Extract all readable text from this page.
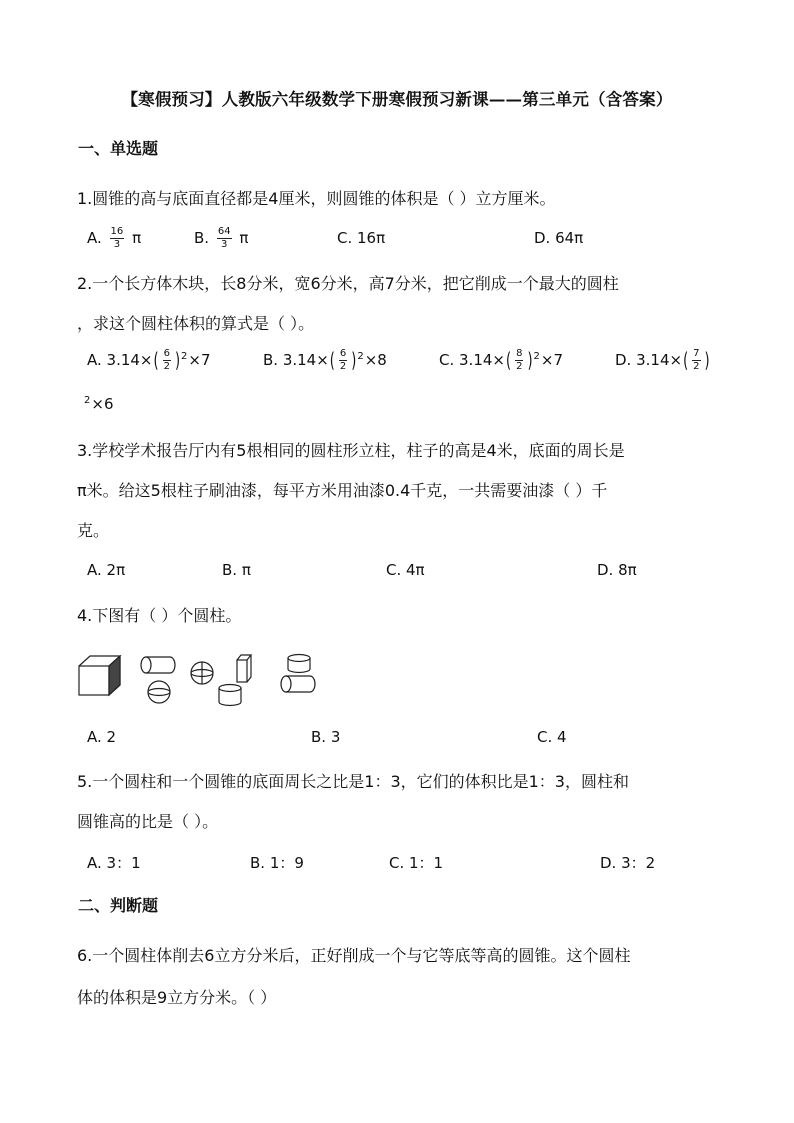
【寒假预习】人教版六年级数学下册寒假预习新课——第三单元（含答案）
一、单选题
1.圆锥的高与底面直径都是4厘米，则圆锥的体积是（ ）立方厘米。
A. $\frac{16}{3}$ π	B. $\frac{64}{3}$ π	C. 16π	D. 64π
2.一个长方体木块，长8分米，宽6分米，高7分米，把它削成一个最大的圆柱
，求这个圆柱体积的算式是（ ）。
A. $3.14\times( \frac{6}{2} )^2\times 7$	B. $3.14\times( \frac{6}{2} )^2\times 8$	C. $3.14\times( \frac{8}{2} )^2\times 7$	D. $3.14\times( \frac{7}{2}$ )
$^2$×6
3.学校学术报告厅内有5根相同的圆柱形立柱，柱子的高是4米，底面的周长是
π米。给这5根柱子刷油漆，每平方米用油漆0.4千克，一共需要油漆（ ）千
克。
A. 2π	B. π	C. 4π	D. 8π
4.下图有（ ）个圆柱。
A. 2	B. 3	C. 4
5.一个圆柱和一个圆锥的底面周长之比是1：3，它们的体积比是1：3，圆柱和
圆锥高的比是（ ）。
A. 3：1	B. 1：9	C. 1：1	D. 3：2
二、判断题
6.一个圆柱体削去6立方分米后，正好削成一个与它等底等高的圆锥。这个圆柱
体的体积是9立方分米。（ ）
